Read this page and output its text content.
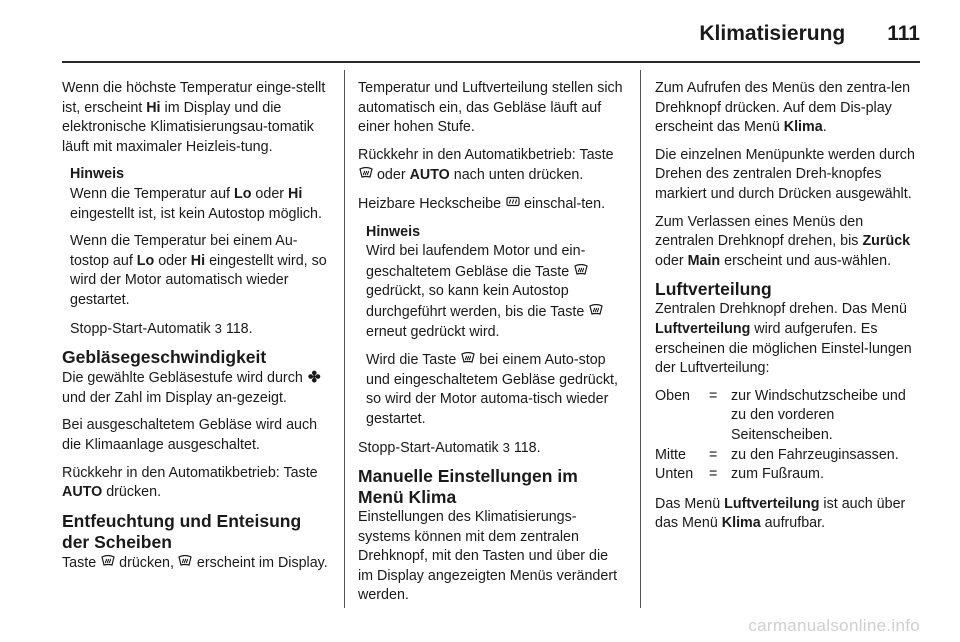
Klimatisierung 111

Wenn die höchste Temperatur einge-stellt ist, erscheint Hi im Display und die elektronische Klimatisierungsau-tomatik läuft mit maximaler Heizleis-tung.

Hinweis

Wenn die Temperatur auf Lo oder Hi eingestellt ist, ist kein Autostop möglich.

Wenn die Temperatur bei einem Au-tostop auf Lo oder Hi eingestellt wird, so wird der Motor automatisch wieder gestartet.

Stopp-Start-Automatik 3 118.

Gebläsegeschwindigkeit

Die gewählte Gebläsestufe wird durch ✤ und der Zahl im Display an-gezeigt.

Bei ausgeschaltetem Gebläse wird auch die Klimaanlage ausgeschaltet.

Rückkehr in den Automatikbetrieb: Taste AUTO drücken.

Entfeuchtung und Enteisung der Scheiben

Taste  drücken,  erscheint im Display.

Temperatur und Luftverteilung stellen sich automatisch ein, das Gebläse läuft auf einer hohen Stufe.

Rückkehr in den Automatikbetrieb: Taste  oder AUTO nach unten drücken.

Heizbare Heckscheibe  einschal-ten.

Hinweis

Wird bei laufendem Motor und ein-geschaltetem Gebläse die Taste  gedrückt, so kann kein Autostop durchgeführt werden, bis die Taste  erneut gedrückt wird.

Wird die Taste  bei einem Auto-stop und eingeschaltetem Gebläse gedrückt, so wird der Motor automa-tisch wieder gestartet.

Stopp-Start-Automatik 3 118.

Manuelle Einstellungen im Menü Klima

Einstellungen des Klimatisierungs-systems können mit dem zentralen Drehknopf, mit den Tasten und über die im Display angezeigten Menüs verändert werden.

Zum Aufrufen des Menüs den zentra-len Drehknopf drücken. Auf dem Dis-play erscheint das Menü Klima.

Die einzelnen Menüpunkte werden durch Drehen des zentralen Dreh-knopfes markiert und durch Drücken ausgewählt.

Zum Verlassen eines Menüs den zentralen Drehknopf drehen, bis Zurück oder Main erscheint und aus-wählen.

Luftverteilung

Zentralen Drehknopf drehen. Das Menü Luftverteilung wird aufgerufen. Es erscheinen die möglichen Einstel-lungen der Luftverteilung:

Oben	=	zur Windschutzscheibe und zu den vorderen Seitenscheiben.
Mitte	=	zu den Fahrzeuginsassen.
Unten	=	zum Fußraum.

Das Menü Luftverteilung ist auch über das Menü Klima aufrufbar.

carmanualsonline.info
